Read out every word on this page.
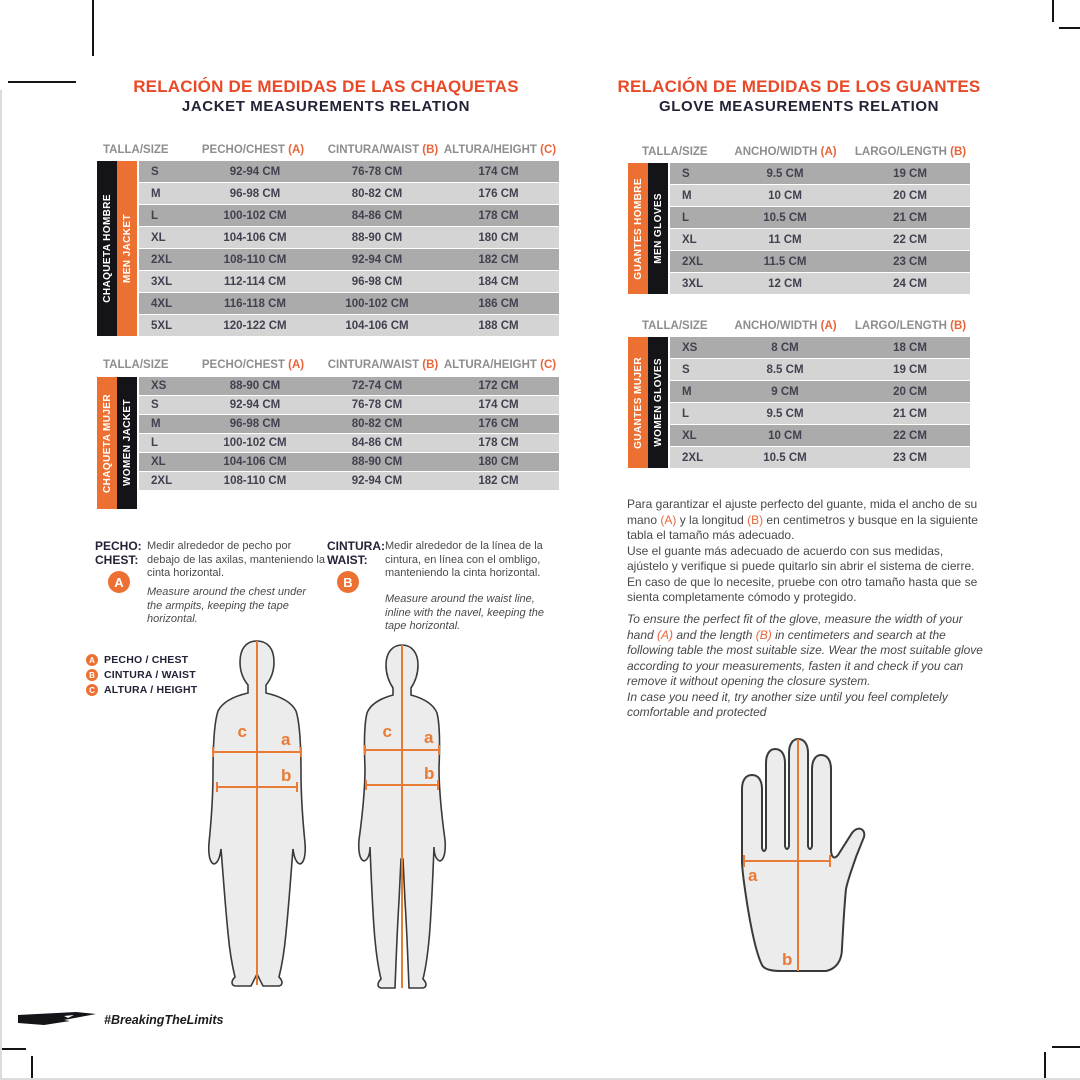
RELACIÓN DE MEDIDAS DE LAS CHAQUETAS
JACKET MEASUREMENTS RELATION
TALLA/SIZE	PECHO/CHEST (A)	CINTURA/WAIST (B) ALTURA/HEIGHT (C)
CHAQUETA HOMBRE MEN JACKET
S	92-94 CM	76-78 CM	174 CM
M	96-98 CM	80-82 CM	176 CM
L	100-102 CM	84-86 CM	178 CM
XL	104-106 CM	88-90 CM	180 CM
2XL	108-110 CM	92-94 CM	182 CM
3XL	112-114 CM	96-98 CM	184 CM
4XL	116-118 CM	100-102 CM	186 CM
5XL	120-122 CM	104-106 CM	188 CM
TALLA/SIZE	PECHO/CHEST (A)	CINTURA/WAIST (B) ALTURA/HEIGHT (C)
CHAQUETA MUJER WOMEN JACKET
XS	88-90 CM	72-74 CM	172 CM
S	92-94 CM	76-78 CM	174 CM
M	96-98 CM	80-82 CM	176 CM
L	100-102 CM	84-86 CM	178 CM
XL	104-106 CM	88-90 CM	180 CM
2XL	108-110 CM	92-94 CM	182 CM
RELACIÓN DE MEDIDAS DE LOS GUANTES
GLOVE MEASUREMENTS RELATION
TALLA/SIZE	ANCHO/WIDTH (A)	LARGO/LENGTH (B)
GUANTES HOMBRE MEN GLOVES
S	9.5 CM	19 CM
M	10 CM	20 CM
L	10.5 CM	21 CM
XL	11 CM	22 CM
2XL	11.5 CM	23 CM
3XL	12 CM	24 CM
TALLA/SIZE	ANCHO/WIDTH (A)	LARGO/LENGTH (B)
GUANTES MUJER WOMEN GLOVES
XS	8 CM	18 CM
S	8.5 CM	19 CM
M	9 CM	20 CM
L	9.5 CM	21 CM
XL	10 CM	22 CM
2XL	10.5 CM	23 CM
PECHO:
CHEST:
A
Medir alrededor de pecho por debajo de las axilas, manteniendo la cinta horizontal.
Measure around the chest under the armpits, keeping the tape horizontal.
CINTURA:
WAIST:
B
Medir alrededor de la línea de la cintura, en línea con el ombligo, manteniendo la cinta horizontal.
Measure around the waist line, inline with the navel, keeping the tape horizontal.
A PECHO / CHEST
B CINTURA / WAIST
C ALTURA / HEIGHT
c a
b
c a
b
Para garantizar el ajuste perfecto del guante, mida el ancho de su mano (A) y la longitud (B) en centimetros y busque en la siguiente tabla el tamaño más adecuado.
Use el guante más adecuado de acuerdo con sus medidas, ajústelo y verifique si puede quitarlo sin abrir el sistema de cierre. En caso de que lo necesite, pruebe con otro tamaño hasta que se sienta completamente cómodo y protegido.
To ensure the perfect fit of the glove, measure the width of your hand (A) and the length (B) in centimeters and search at the following table the most suitable size. Wear the most suitable glove according to your measurements, fasten it and check if you can remove it without opening the closure system.
In case you need it, try another size until you feel completely comfortable and protected
a
b
#BreakingTheLimits
